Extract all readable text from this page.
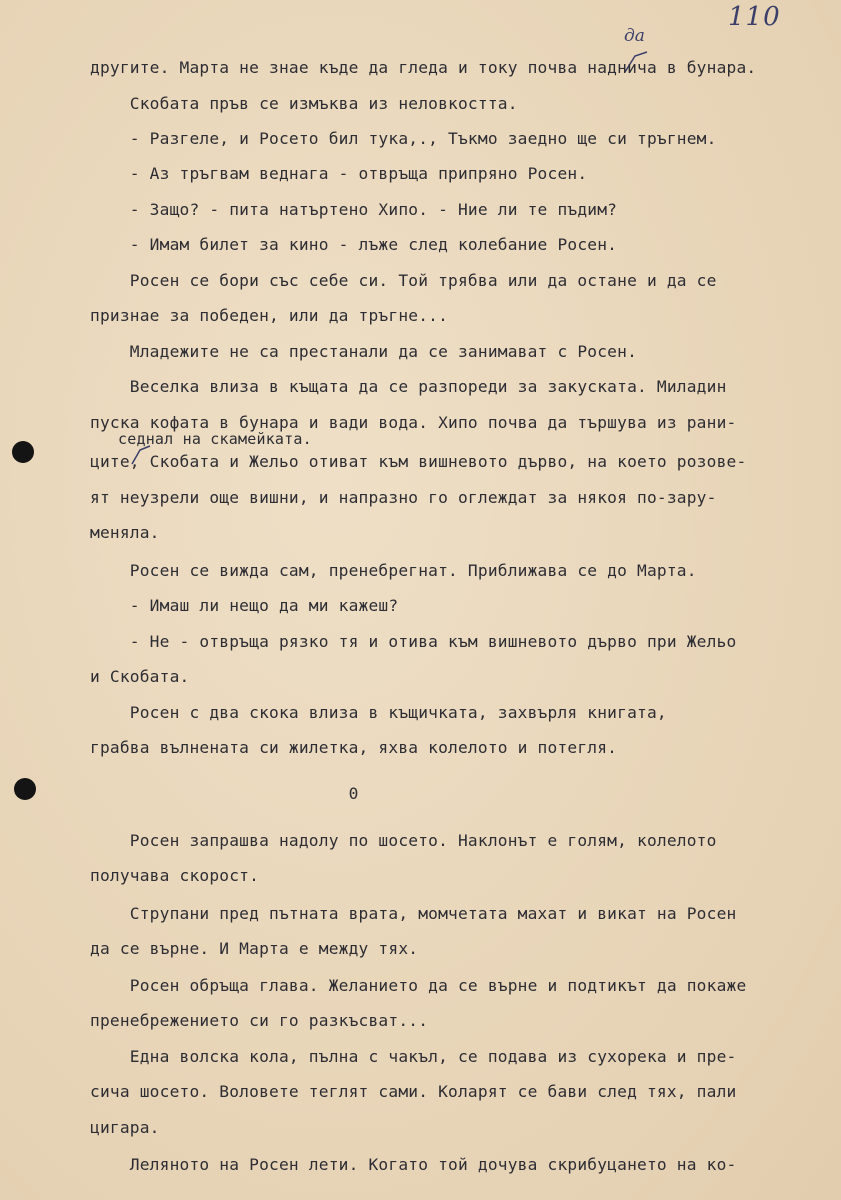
110
да
седнал на скамейката.
другите. Марта не знае къде да гледа и току почва наднича в бунара.
Скобата пръв се измъква из неловкостта.
- Разгеле, и Росето бил тука,., Тъкмо заедно ще си тръгнем.
- Аз тръгвам веднага - отвръща припряно Росен.
- Защо? - пита натъртено Хипо. - Ние ли те пъдим?
- Имам билет за кино - лъже след колебание Росен.
Росен се бори със себе си. Той трябва или да остане и да се
признае за победен, или да тръгне...
Младежите не са престанали да се занимават с Росен.
Веселка влиза в къщата да се разпореди за закуската. Миладин
пуска кофата в бунара и вади вода. Хипо почва да тършува из рани-
ците, Скобата и Жельо отиват към вишневото дърво, на което розове-
ят неузрели още вишни, и напразно го оглеждат за някоя по-зару-
меняла.
Росен се вижда сам, пренебрегнат. Приближава се до Марта.
- Имаш ли нещо да ми кажеш?
- Не - отвръща рязко тя и отива към вишневото дърво при Жельо
и Скобата.
Росен с два скока влиза в къщичката, захвърля книгата,
грабва вълнената си жилетка, яхва колелото и потегля.
0
Росен запрашва надолу по шосето. Наклонът е голям, колелото
получава скорост.
Струпани пред пътната врата, момчетата махат и викат на Росен
да се върне. И Марта е между тях.
Росен обръща глава. Желанието да се върне и подтикът да покаже
пренебрежението си го разкъсват...
Една волска кола, пълна с чакъл, се подава из сухорека и пре-
сича шосето. Воловете теглят сами. Коларят се бави след тях, пали
цигара.
Леляното на Росен лети. Когато той дочува скрибуцането на ко-
